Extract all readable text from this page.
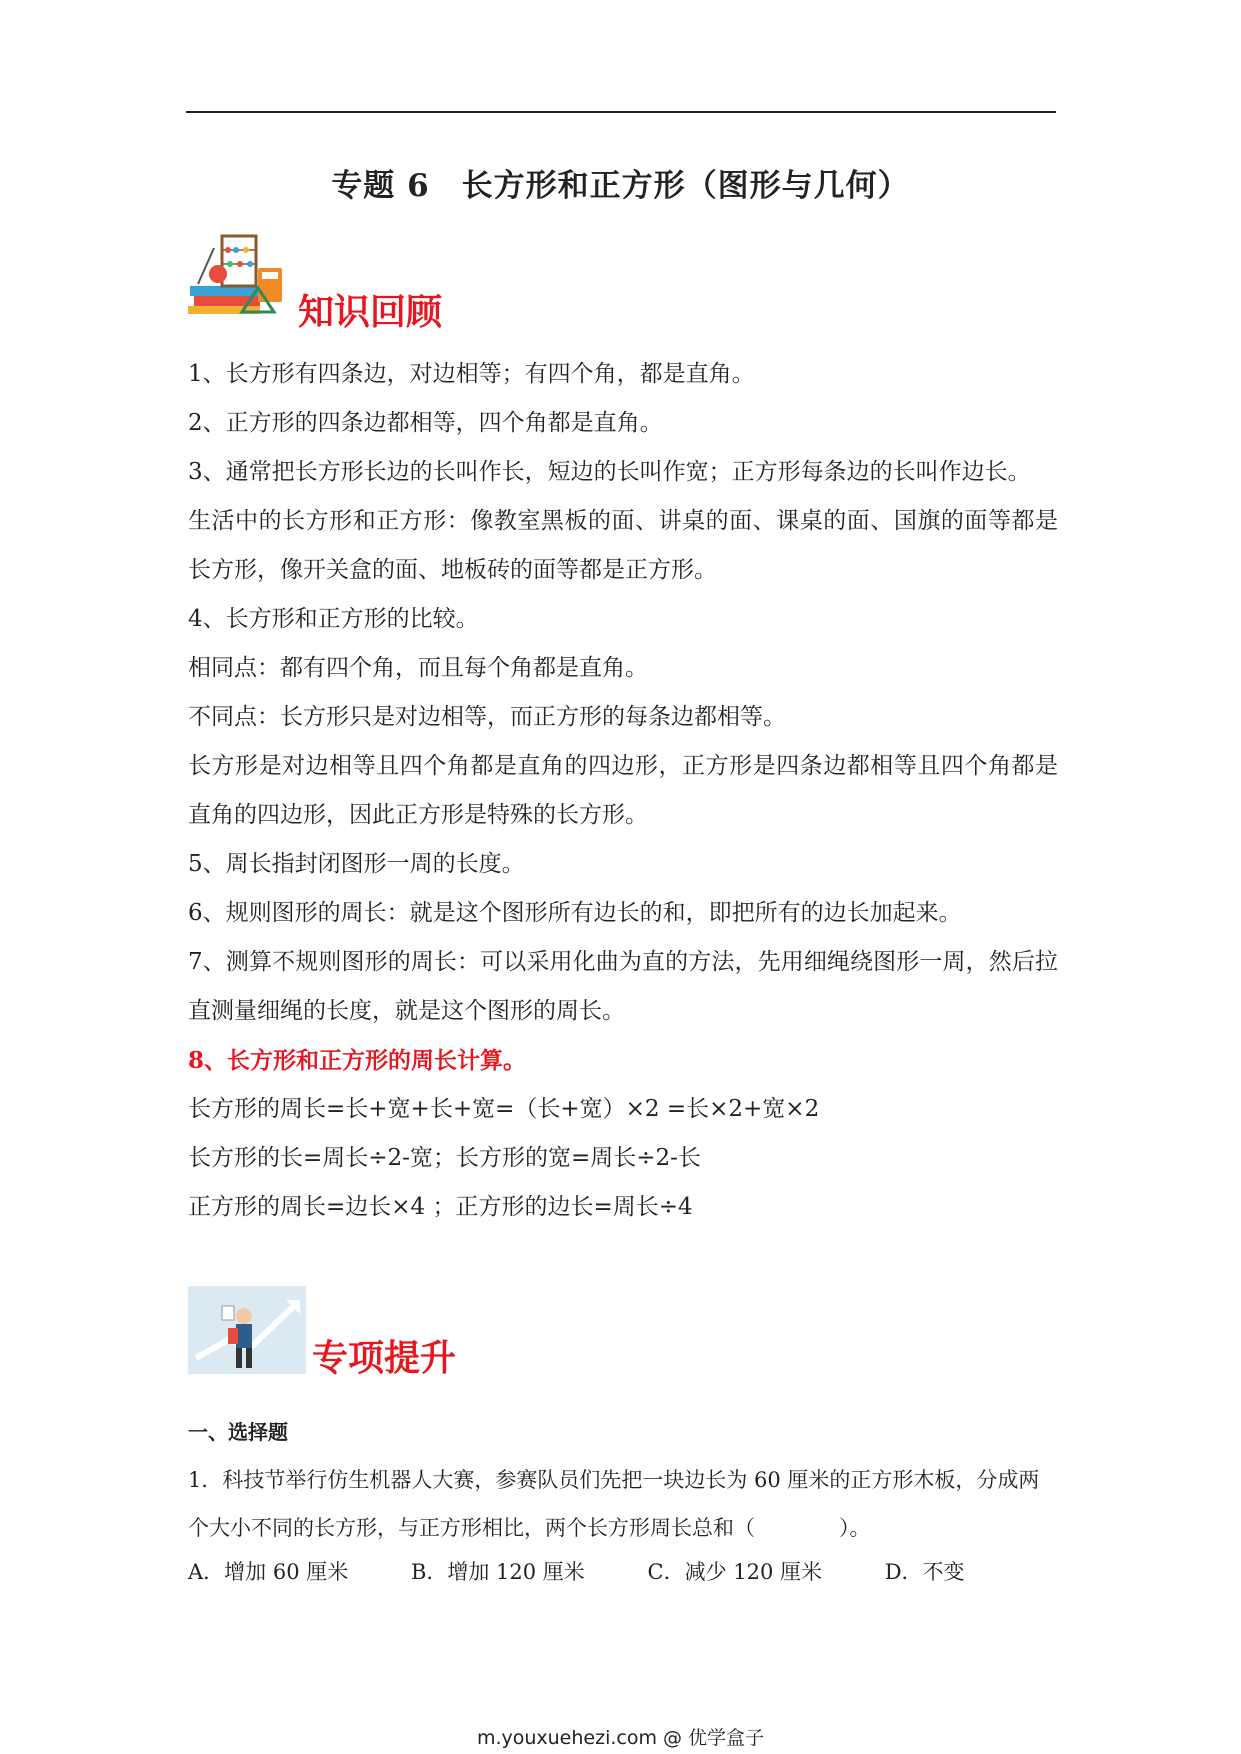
专题 6　长方形和正方形（图形与几何）
知识回顾

1、长方形有四条边，对边相等；有四个角，都是直角。

2、正方形的四条边都相等，四个角都是直角。

3、通常把长方形长边的长叫作长，短边的长叫作宽；正方形每条边的长叫作边长。

生活中的长方形和正方形：像教室黑板的面、讲桌的面、课桌的面、国旗的面等都是长方形，像开关盒的面、地板砖的面等都是正方形。

4、长方形和正方形的比较。

相同点：都有四个角，而且每个角都是直角。

不同点：长方形只是对边相等，而正方形的每条边都相等。

长方形是对边相等且四个角都是直角的四边形，正方形是四条边都相等且四个角都是直角的四边形，因此正方形是特殊的长方形。

5、周长指封闭图形一周的长度。

6、规则图形的周长：就是这个图形所有边长的和，即把所有的边长加起来。

7、测算不规则图形的周长：可以采用化曲为直的方法，先用细绳绕图形一周，然后拉直测量细绳的长度，就是这个图形的周长。

8、长方形和正方形的周长计算。

长方形的周长=长+宽+长+宽=（长+宽）×2 =长×2+宽×2

长方形的长=周长÷2-宽；长方形的宽=周长÷2-长

正方形的周长=边长×4 ；正方形的边长=周长÷4

专项提升
一、选择题
1．科技节举行仿生机器人大赛，参赛队员们先把一块边长为 60 厘米的正方形木板，分成两个大小不同的长方形，与正方形相比，两个长方形周长总和（　　　　）。
A．增加 60 厘米	B．增加 120 厘米	C．减少 120 厘米	D．不变
m.youxuehezi.com @ 优学盒子
